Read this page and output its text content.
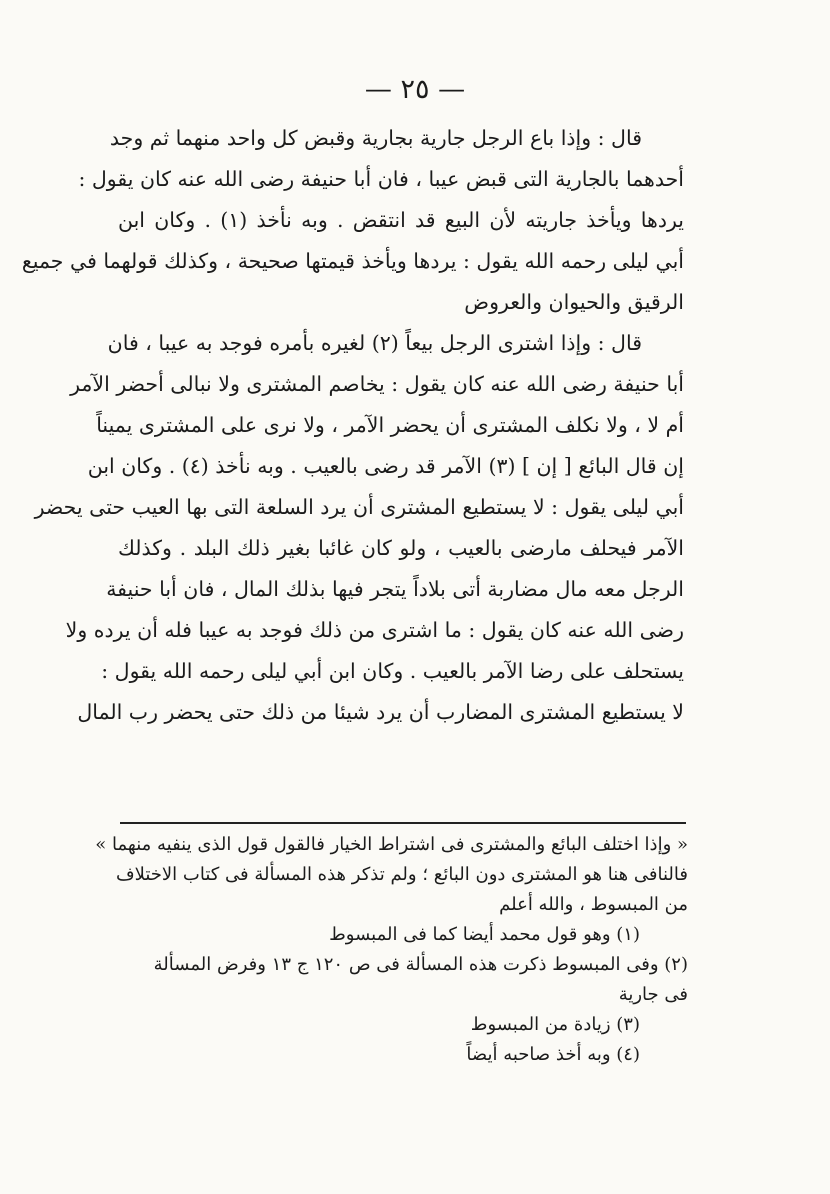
— ٢٥ —
قال : وإذا باع الرجل جارية بجارية وقبض كل واحد منهما ثم وجد
أحدهما بالجارية التى قبض عيبا ، فان أبا حنيفة رضى الله عنه كان يقول :
يردها ويأخذ جاريته لأن البيع قد انتقض . وبه نأخذ (١) . وكان ابن
أبي ليلى رحمه الله يقول : يردها ويأخذ قيمتها صحيحة ، وكذلك قولهما في جميع
الرقيق والحيوان والعروض
قال : وإذا اشترى الرجل بيعاً (٢) لغيره بأمره فوجد به عيبا ، فان
أبا حنيفة رضى الله عنه كان يقول : يخاصم المشترى ولا نبالى أحضر الآمر
أم لا ، ولا نكلف المشترى أن يحضر الآمر ، ولا نرى على المشترى يميناً
إن قال البائع [ إن ] (٣) الآمر قد رضى بالعيب . وبه نأخذ (٤) . وكان ابن
أبي ليلى يقول : لا يستطيع المشترى أن يرد السلعة التى بها العيب حتى يحضر
الآمر فيحلف مارضى بالعيب ، ولو كان غائبا بغير ذلك البلد . وكذلك
الرجل معه مال مضاربة أتى بلاداً يتجر فيها بذلك المال ، فان أبا حنيفة
رضى الله عنه كان يقول : ما اشترى من ذلك فوجد به عيبا فله أن يرده ولا
يستحلف على رضا الآمر بالعيب . وكان ابن أبي ليلى رحمه الله يقول :
لا يستطيع المشترى المضارب أن يرد شيئا من ذلك حتى يحضر رب المال
« وإذا اختلف البائع والمشترى فى اشتراط الخيار فالقول قول الذى ينفيه منهما »
فالنافى هنا هو المشترى دون البائع ؛ ولم تذكر هذه المسألة فى كتاب الاختلاف
من المبسوط ، والله أعلم
(١) وهو قول محمد أيضا كما فى المبسوط
(٢) وفى المبسوط ذكرت هذه المسألة فى ص ١٢٠ ج ١٣ وفرض المسألة
فى جارية
(٣) زيادة من المبسوط
(٤) وبه أخذ صاحبه أيضاً
